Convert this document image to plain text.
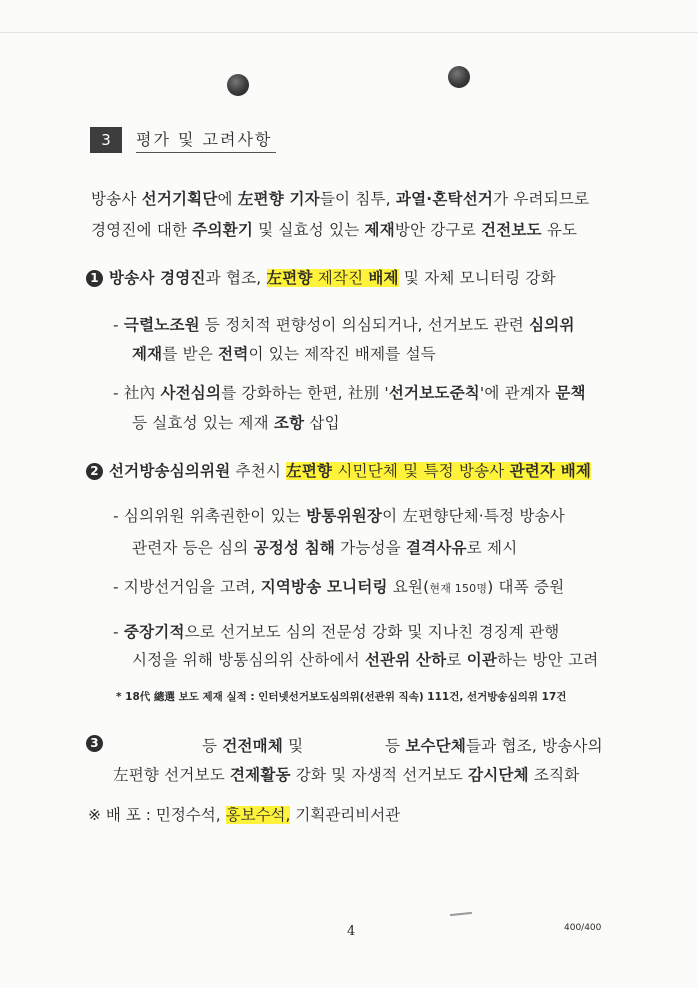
3	평가 및 고려사항
방송사 선거기획단에 左편향 기자들이 침투, 과열·혼탁선거가 우려되므로
경영진에 대한 주의환기 및 실효성 있는 제재방안 강구로 건전보도 유도
1 방송사 경영진과 협조, 左편향 제작진 배제 및 자체 모니터링 강화
- 극렬노조원 등 정치적 편향성이 의심되거나, 선거보도 관련 심의위
제재를 받은 전력이 있는 제작진 배제를 설득
- 社內 사전심의를 강화하는 한편, 社別 '선거보도준칙'에 관계자 문책
등 실효성 있는 제재 조항 삽입
2 선거방송심의위원 추천시 左편향 시민단체 및 특정 방송사 관련자 배제
- 심의위원 위촉권한이 있는 방통위원장이 左편향단체·특정 방송사
관련자 등은 심의 공정성 침해 가능성을 결격사유로 제시
- 지방선거임을 고려, 지역방송 모니터링 요원(현재 150명) 대폭 증원
- 중장기적으로 선거보도 심의 전문성 강화 및 지나친 경징계 관행
시정을 위해 방통심의위 산하에서 선관위 산하로 이관하는 방안 고려
* 18代 總選 보도 제재 실적 : 인터넷선거보도심의위(선관위 직속) 111건, 선거방송심의위 17건
3	등 건전매체 및	등 보수단체들과 협조, 방송사의
左편향 선거보도 견제활동 강화 및 자생적 선거보도 감시단체 조직화
※ 배 포 : 민정수석, 홍보수석, 기획관리비서관
4	400/400
